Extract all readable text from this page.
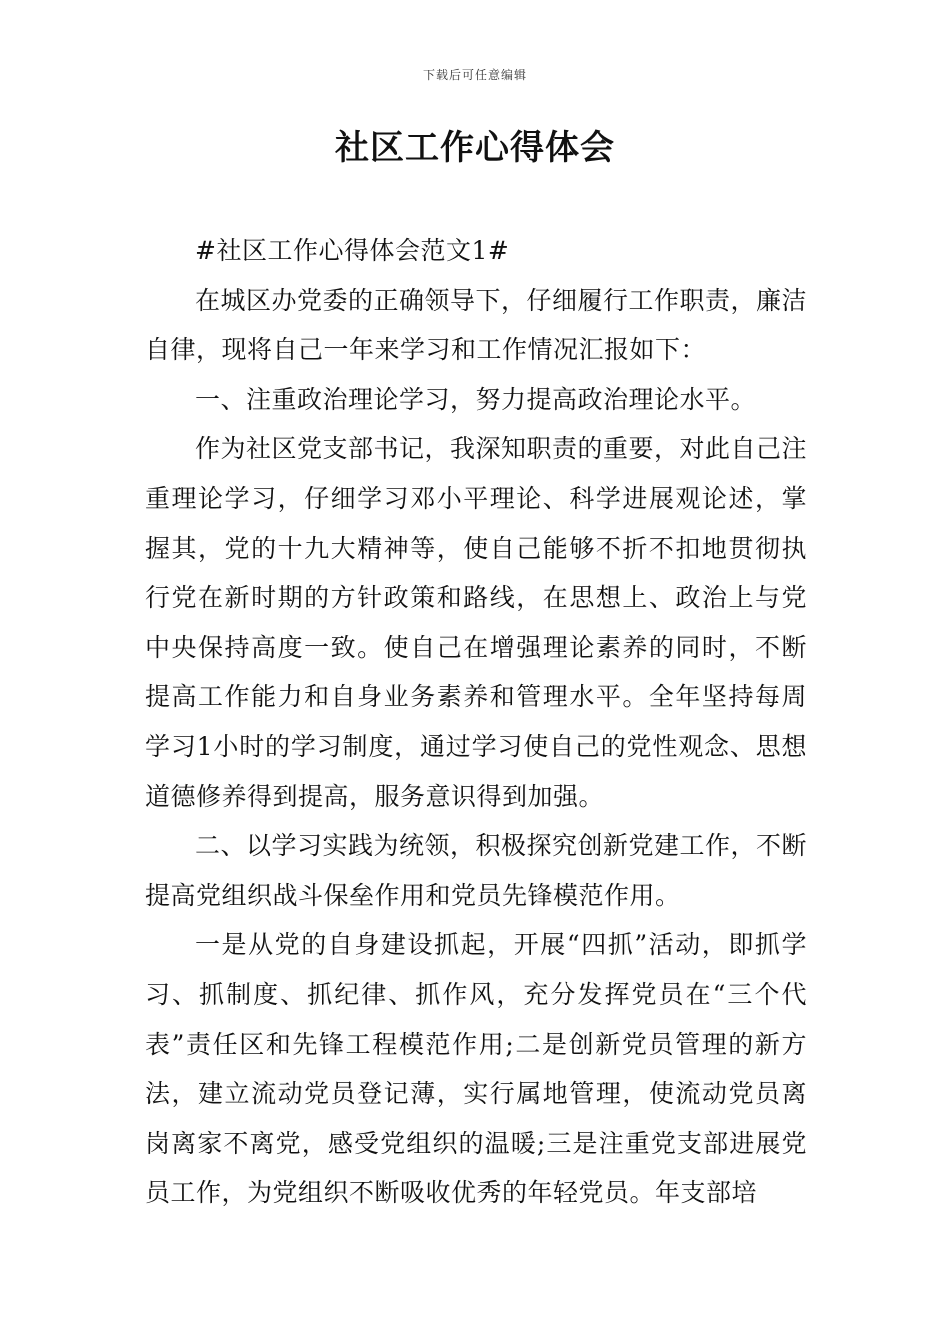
下载后可任意编辑
社区工作心得体会

#社区工作心得体会范文1#

在城区办党委的正确领导下，仔细履行工作职责，廉洁自律，现将自己一年来学习和工作情况汇报如下：

一、注重政治理论学习，努力提高政治理论水平。

作为社区党支部书记，我深知职责的重要，对此自己注重理论学习，仔细学习邓小平理论、科学进展观论述，掌握其，党的十九大精神等，使自己能够不折不扣地贯彻执行党在新时期的方针政策和路线，在思想上、政治上与党中央保持高度一致。使自己在增强理论素养的同时，不断提高工作能力和自身业务素养和管理水平。全年坚持每周学习1小时的学习制度，通过学习使自己的党性观念、思想道德修养得到提高，服务意识得到加强。

二、以学习实践为统领，积极探究创新党建工作，不断提高党组织战斗保垒作用和党员先锋模范作用。

一是从党的自身建设抓起，开展“四抓”活动，即抓学习、抓制度、抓纪律、抓作风，充分发挥党员在“三个代表”责任区和先锋工程模范作用;二是创新党员管理的新方法，建立流动党员登记薄，实行属地管理，使流动党员离岗离家不离党，感受党组织的温暖;三是注重党支部进展党员工作，为党组织不断吸收优秀的年轻党员。年支部培
